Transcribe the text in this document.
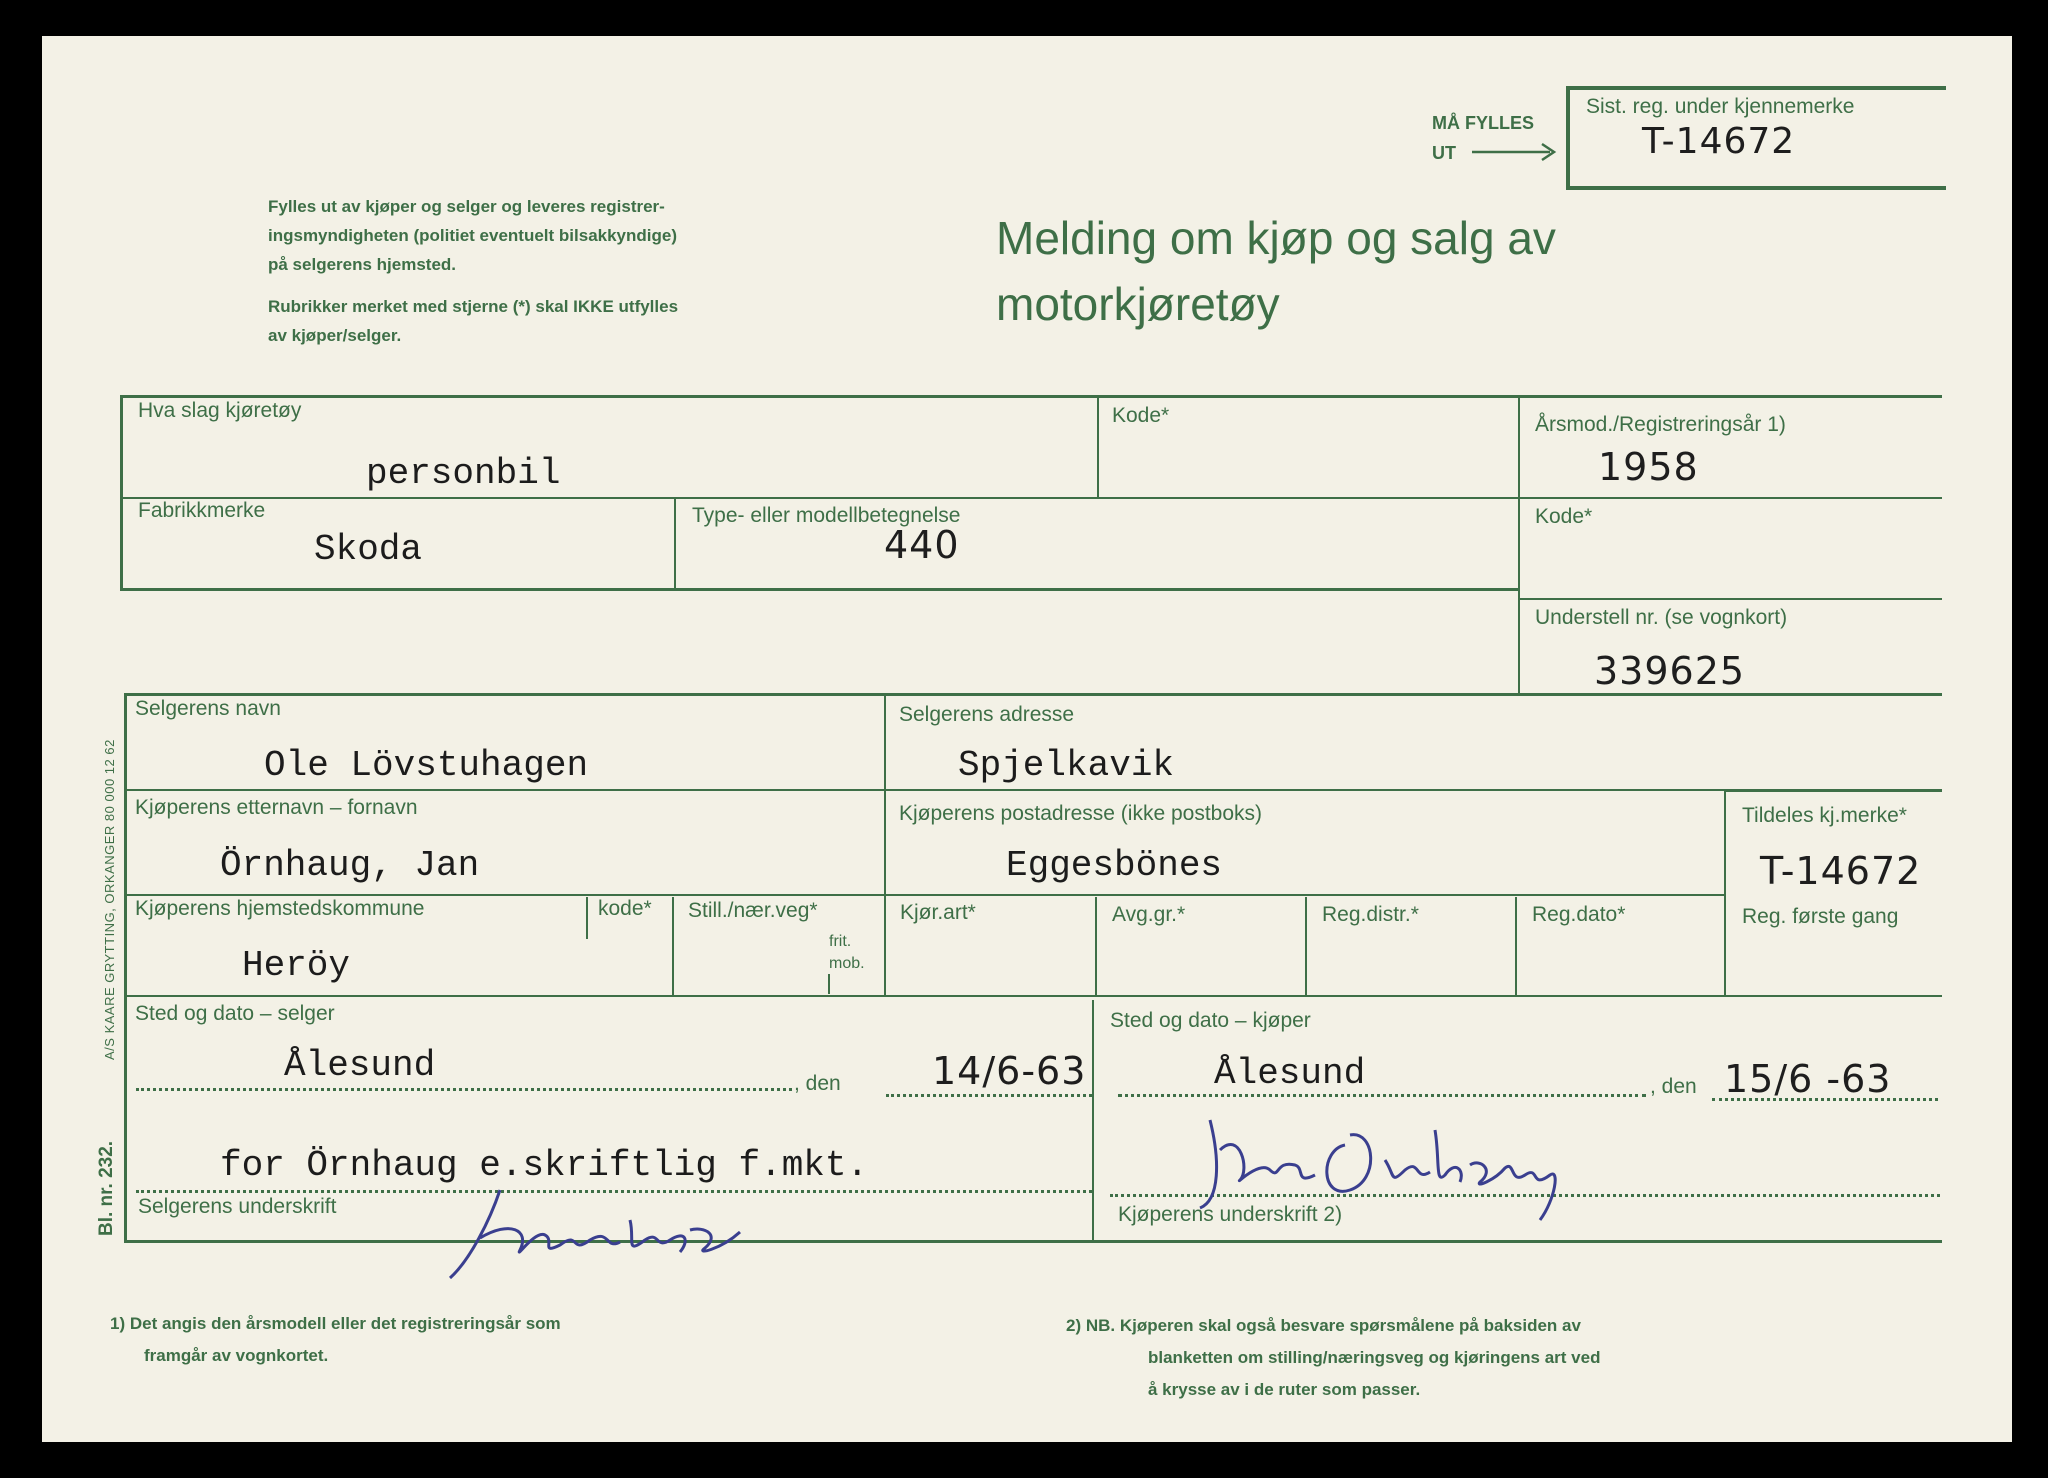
Fylles ut av kjøper og selger og leveres registrer-
ingsmyndigheten (politiet eventuelt bilsakkyndige)
på selgerens hjemsted.
Rubrikker merket med stjerne (*) skal IKKE utfylles
av kjøper/selger.
Melding om kjøp og salg av
motorkjøretøy
MÅ FYLLES
UT
Sist. reg. under kjennemerke
T-14672
Bl. nr. 232.
A/S KAARE GRYTTING, ORKANGER 80 000 12 62
Hva slag kjøretøy
personbil
Kode*	Årsmod./Registreringsår 1)
1958
Fabrikkmerke
Skoda
Type- eller modellbetegnelse
440
Kode*
Understell nr. (se vognkort)
339625
Selgerens navn
Ole Lövstuhagen
Selgerens adresse
Spjelkavik
Kjøperens etternavn – fornavn
Örnhaug, Jan
Kjøperens postadresse (ikke postboks)
Eggesbönes
Tildeles kj.merke*
T-14672
Kjøperens hjemstedskommune
Heröy
kode* Still./nær.veg*
frit.
mob.
Kjør.art*	Avg.gr.*	Reg.distr.*	Reg.dato*	Reg. første gang
Sted og dato – selger
Ålesund	, den 14/6-63
Sted og dato – kjøper
Ålesund	, den 15/6 -63
for Örnhaug e.skriftlig f.mkt.
Selgerens underskrift	Kjøperens underskrift 2)
1) Det angis den årsmodell eller det registreringsår som
framgår av vognkortet.
2) NB. Kjøperen skal også besvare spørsmålene på baksiden av
blanketten om stilling/næringsveg og kjøringens art ved
å krysse av i de ruter som passer.
